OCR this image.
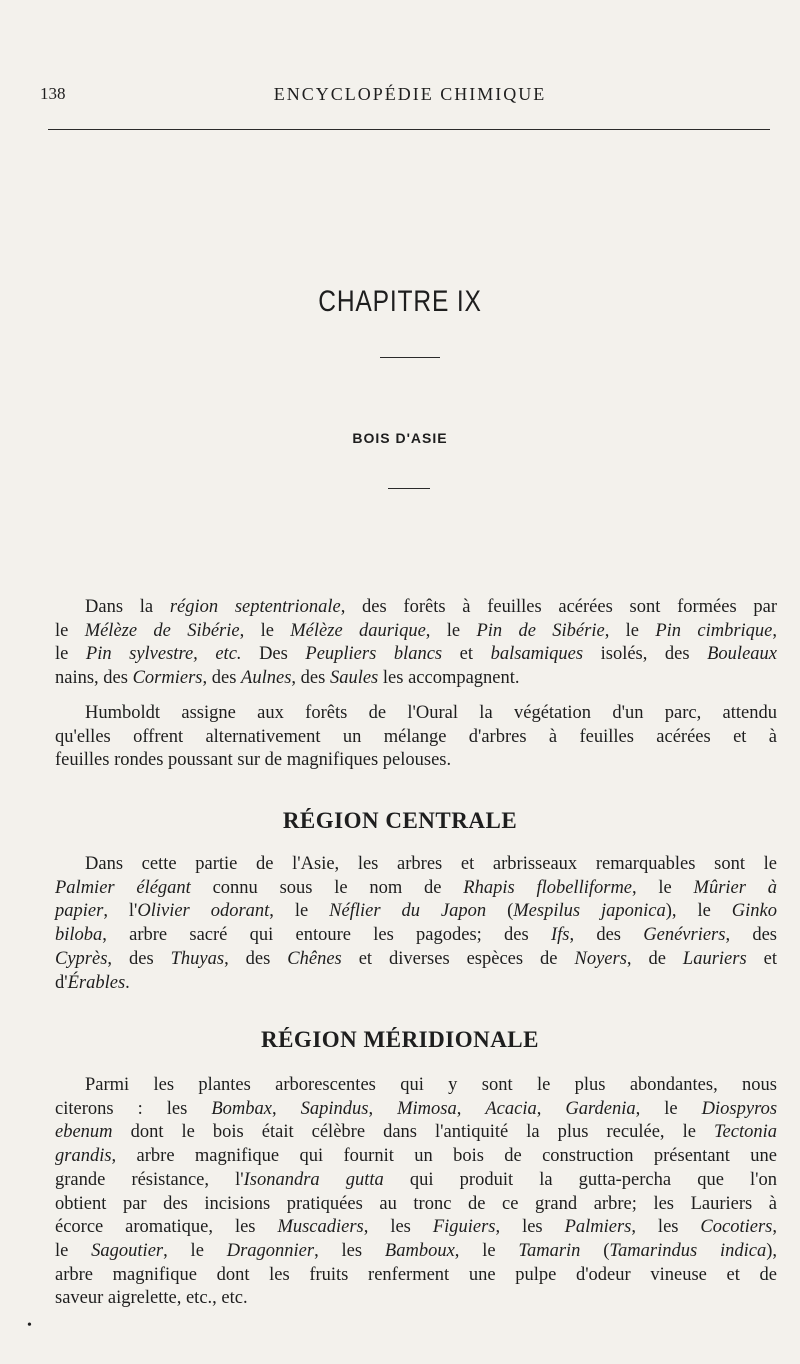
138	ENCYCLOPÉDIE CHIMIQUE
CHAPITRE IX
BOIS D'ASIE
Dans la région septentrionale, des forêts à feuilles acérées sont formées par
le Mélèze de Sibérie, le Mélèze daurique, le Pin de Sibérie, le Pin cimbrique,
le Pin sylvestre, etc. Des Peupliers blancs et balsamiques isolés, des Bouleaux
nains, des Cormiers, des Aulnes, des Saules les accompagnent.
Humboldt assigne aux forêts de l'Oural la végétation d'un parc, attendu
qu'elles offrent alternativement un mélange d'arbres à feuilles acérées et à
feuilles rondes poussant sur de magnifiques pelouses.
RÉGION CENTRALE
Dans cette partie de l'Asie, les arbres et arbrisseaux remarquables sont le
Palmier élégant connu sous le nom de Rhapis flobelliforme, le Mûrier à
papier, l'Olivier odorant, le Néflier du Japon (Mespilus japonica), le Ginko
biloba, arbre sacré qui entoure les pagodes; des Ifs, des Genévriers, des
Cyprès, des Thuyas, des Chênes et diverses espèces de Noyers, de Lauriers et
d'Érables.
RÉGION MÉRIDIONALE
Parmi les plantes arborescentes qui y sont le plus abondantes, nous
citerons : les Bombax, Sapindus, Mimosa, Acacia, Gardenia, le Diospyros
ebenum dont le bois était célèbre dans l'antiquité la plus reculée, le Tectonia
grandis, arbre magnifique qui fournit un bois de construction présentant une
grande résistance, l'Isonandra gutta qui produit la gutta-percha que l'on
obtient par des incisions pratiquées au tronc de ce grand arbre; les Lauriers à
écorce aromatique, les Muscadiers, les Figuiers, les Palmiers, les Cocotiers,
le Sagoutier, le Dragonnier, les Bamboux, le Tamarin (Tamarindus indica),
arbre magnifique dont les fruits renferment une pulpe d'odeur vineuse et de
saveur aigrelette, etc., etc.
•
